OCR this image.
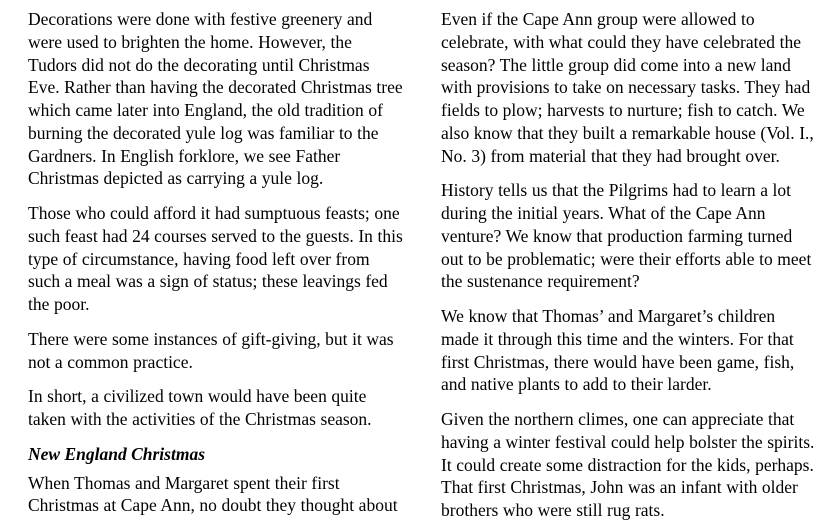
Decorations were done with festive greenery and were used to brighten the home. However, the Tudors did not do the decorating until Christmas Eve. Rather than having the decorated Christmas tree which came later into England, the old tradition of burning the decorated yule log was familiar to the Gardners. In English forklore, we see Father Christmas depicted as carrying a yule log.

Those who could afford it had sumptuous feasts; one such feast had 24 courses served to the guests. In this type of circumstance, having food left over from such a meal was a sign of status; these leavings fed the poor.

There were some instances of gift-giving, but it was not a common practice.

In short, a civilized town would have been quite taken with the activities of the Christmas season.

New England Christmas

When Thomas and Margaret spent their first Christmas at Cape Ann, no doubt they thought about

Even if the Cape Ann group were allowed to celebrate, with what could they have celebrated the season? The little group did come into a new land with provisions to take on necessary tasks. They had fields to plow; harvests to nurture; fish to catch. We also know that they built a remarkable house (Vol. I., No. 3) from material that they had brought over.

History tells us that the Pilgrims had to learn a lot during the initial years. What of the Cape Ann venture? We know that production farming turned out to be problematic; were their efforts able to meet the sustenance requirement?

We know that Thomas’ and Margaret’s children made it through this time and the winters. For that first Christmas, there would have been game, fish, and native plants to add to their larder.

Given the northern climes, one can appreciate that having a winter festival could help bolster the spirits. It could create some distraction for the kids, perhaps. That first Christmas, John was an infant with older brothers who were still rug rats.
